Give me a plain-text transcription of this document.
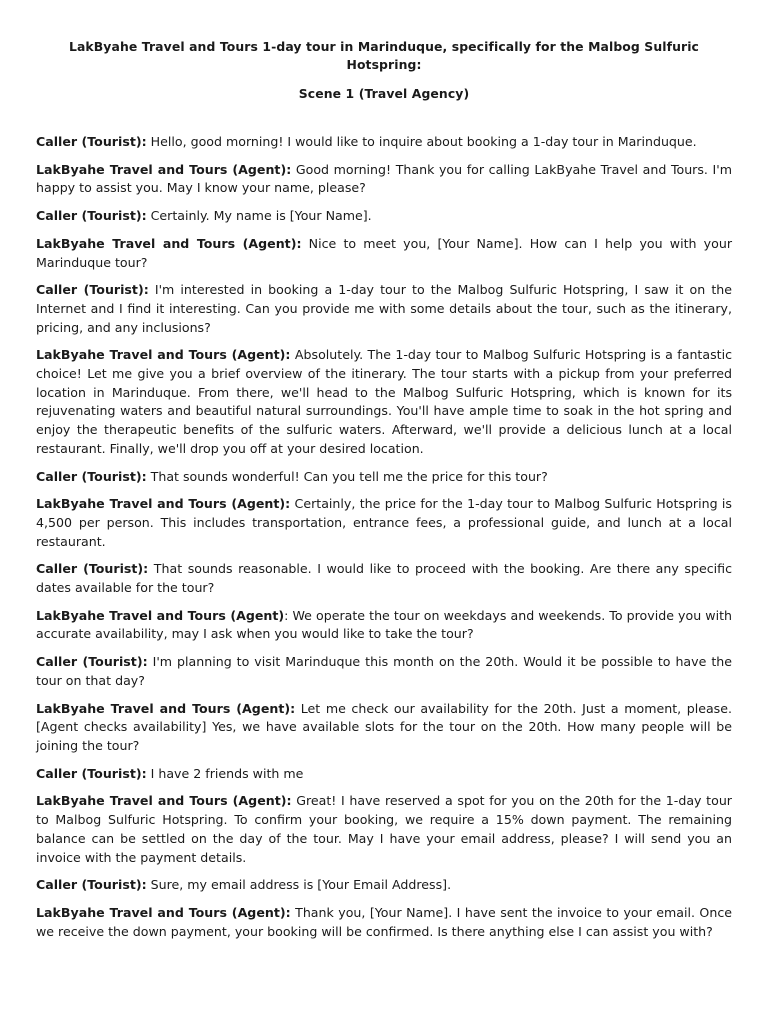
LakByahe Travel and Tours 1-day tour in Marinduque, specifically for the Malbog Sulfuric Hotspring:

Scene 1 (Travel Agency)

Caller (Tourist): Hello, good morning! I would like to inquire about booking a 1-day tour in Marinduque.

LakByahe Travel and Tours (Agent): Good morning! Thank you for calling LakByahe Travel and Tours. I'm happy to assist you. May I know your name, please?

Caller (Tourist): Certainly. My name is [Your Name].

LakByahe Travel and Tours (Agent): Nice to meet you, [Your Name]. How can I help you with your Marinduque tour?

Caller (Tourist): I'm interested in booking a 1-day tour to the Malbog Sulfuric Hotspring, I saw it on the Internet and I find it interesting. Can you provide me with some details about the tour, such as the itinerary, pricing, and any inclusions?

LakByahe Travel and Tours (Agent): Absolutely. The 1-day tour to Malbog Sulfuric Hotspring is a fantastic choice! Let me give you a brief overview of the itinerary. The tour starts with a pickup from your preferred location in Marinduque. From there, we'll head to the Malbog Sulfuric Hotspring, which is known for its rejuvenating waters and beautiful natural surroundings. You'll have ample time to soak in the hot spring and enjoy the therapeutic benefits of the sulfuric waters. Afterward, we'll provide a delicious lunch at a local restaurant. Finally, we'll drop you off at your desired location.

Caller (Tourist): That sounds wonderful! Can you tell me the price for this tour?

LakByahe Travel and Tours (Agent): Certainly, the price for the 1-day tour to Malbog Sulfuric Hotspring is 4,500 per person. This includes transportation, entrance fees, a professional guide, and lunch at a local restaurant.

Caller (Tourist): That sounds reasonable. I would like to proceed with the booking. Are there any specific dates available for the tour?

LakByahe Travel and Tours (Agent): We operate the tour on weekdays and weekends. To provide you with accurate availability, may I ask when you would like to take the tour?

Caller (Tourist): I'm planning to visit Marinduque this month on the 20th. Would it be possible to have the tour on that day?

LakByahe Travel and Tours (Agent): Let me check our availability for the 20th. Just a moment, please. [Agent checks availability] Yes, we have available slots for the tour on the 20th. How many people will be joining the tour?

Caller (Tourist): I have 2 friends with me

LakByahe Travel and Tours (Agent): Great! I have reserved a spot for you on the 20th for the 1-day tour to Malbog Sulfuric Hotspring. To confirm your booking, we require a 15% down payment. The remaining balance can be settled on the day of the tour. May I have your email address, please? I will send you an invoice with the payment details.

Caller (Tourist): Sure, my email address is [Your Email Address].

LakByahe Travel and Tours (Agent): Thank you, [Your Name]. I have sent the invoice to your email. Once we receive the down payment, your booking will be confirmed. Is there anything else I can assist you with?
